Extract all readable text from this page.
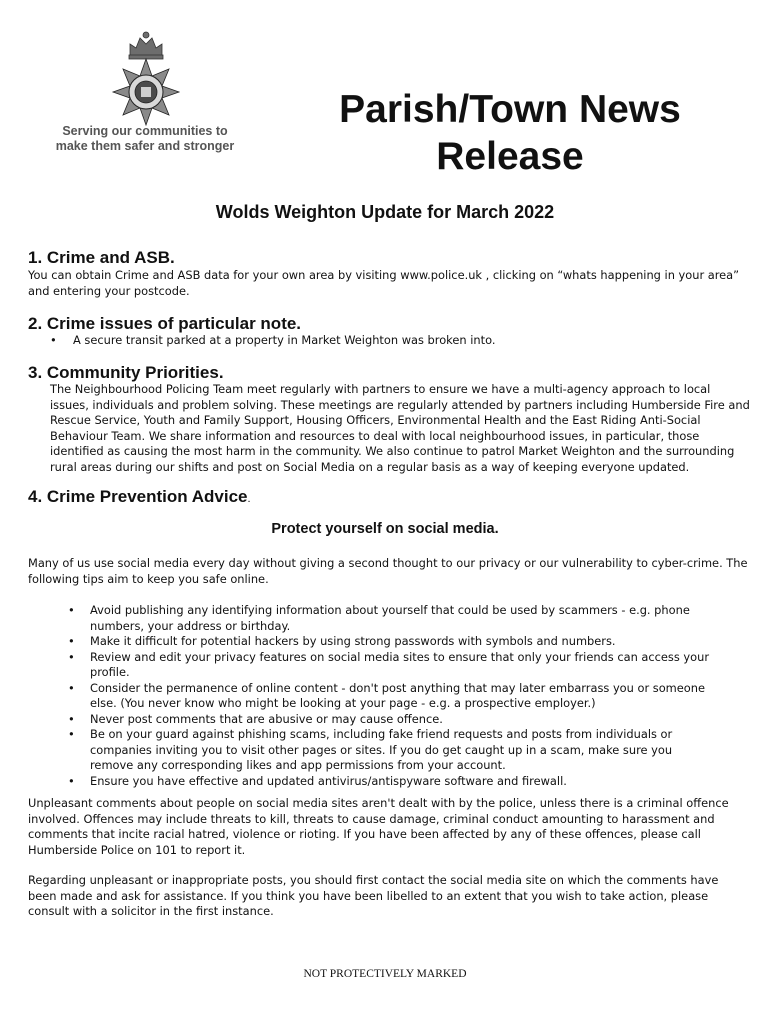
Serving our communities to
make them safer and stronger
Parish/Town News
Release
Wolds Weighton Update for March 2022
1. Crime and ASB.

You can obtain Crime and ASB data for your own area by visiting www.police.uk , clicking on “whats happening in your area” and entering your postcode.

2. Crime issues of particular note.
• A secure transit parked at a property in Market Weighton was broken into.
3. Community Priorities.

The Neighbourhood Policing Team meet regularly with partners to ensure we have a multi-agency approach to local issues, individuals and problem solving. These meetings are regularly attended by partners including Humberside Fire and Rescue Service, Youth and Family Support, Housing Officers, Environmental Health and the East Riding Anti-Social Behaviour Team. We share information and resources to deal with local neighbourhood issues, in particular, those identified as causing the most harm in the community. We also continue to patrol Market Weighton and the surrounding rural areas during our shifts and post on Social Media on a regular basis as a way of keeping everyone updated.

4. Crime Prevention Advice.
Protect yourself on social media.

Many of us use social media every day without giving a second thought to our privacy or our vulnerability to cyber-crime. The following tips aim to keep you safe online.

• Avoid publishing any identifying information about yourself that could be used by scammers - e.g. phone numbers, your address or birthday.
• Make it difficult for potential hackers by using strong passwords with symbols and numbers.
• Review and edit your privacy features on social media sites to ensure that only your friends can access your profile.
• Consider the permanence of online content - don't post anything that may later embarrass you or someone else. (You never know who might be looking at your page - e.g. a prospective employer.)
• Never post comments that are abusive or may cause offence.
• Be on your guard against phishing scams, including fake friend requests and posts from individuals or companies inviting you to visit other pages or sites. If you do get caught up in a scam, make sure you remove any corresponding likes and app permissions from your account.
• Ensure you have effective and updated antivirus/antispyware software and firewall.

Unpleasant comments about people on social media sites aren't dealt with by the police, unless there is a criminal offence involved. Offences may include threats to kill, threats to cause damage, criminal conduct amounting to harassment and comments that incite racial hatred, violence or rioting. If you have been affected by any of these offences, please call Humberside Police on 101 to report it.

Regarding unpleasant or inappropriate posts, you should first contact the social media site on which the comments have been made and ask for assistance. If you think you have been libelled to an extent that you wish to take action, please consult with a solicitor in the first instance.

NOT PROTECTIVELY MARKED
